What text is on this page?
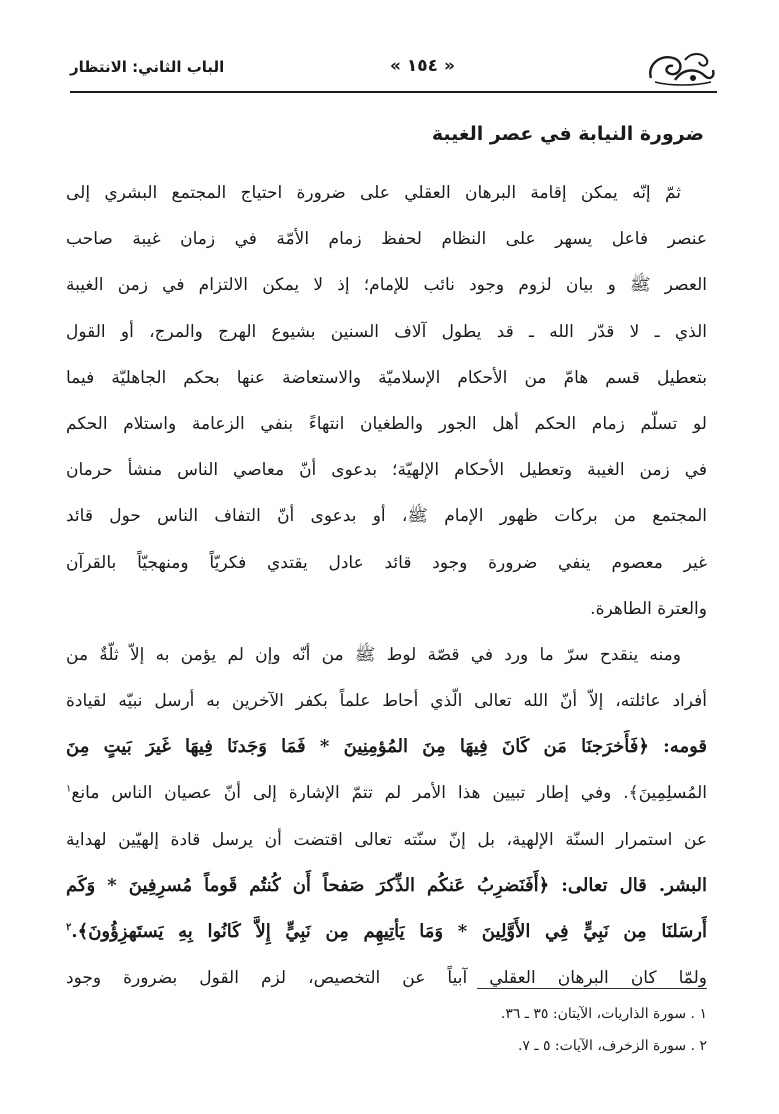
الباب الثاني: الانتظار	« ١٥٤ »
ضرورة النيابة في عصر الغيبة
ثمّ إنّه يمكن إقامة البرهان العقلي على ضرورة احتياج المجتمع البشري إلى
عنصر فاعل يسهر على النظام لحفظ زمام الأمّة في زمان غيبة صاحب
العصر ﷺ و بيان لزوم وجود نائب للإمام؛ إذ لا يمكن الالتزام في زمن الغيبة
الذي ـ لا قدّر الله ـ قد يطول آلاف السنين بشيوع الهرج والمرج، أو القول
بتعطيل قسم هامّ من الأحكام الإسلاميّة والاستعاضة عنها بحكم الجاهليّة فيما
لو تسلّم زمام الحكم أهل الجور والطغيان انتهاءً بنفي الزعامة واستلام الحكم
في زمن الغيبة وتعطيل الأحكام الإلهيّة؛ بدعوى أنّ معاصي الناس منشأ حرمان
المجتمع من بركات ظهور الإمام ﷺ، أو بدعوى أنّ التفاف الناس حول قائد
غير معصوم ينفي ضرورة وجود قائد عادل يقتدي فكريّاً ومنهجيّاً بالقرآن
والعترة الطاهرة.
ومنه ينقدح سرّ ما ورد في قصّة لوط ﷺ من أنّه وإن لم يؤمن به إلاّ ثلّةٌ من
أفراد عائلته، إلاّ أنّ الله تعالى الّذي أحاط علماً بكفر الآخرين به أرسل نبيّه لقيادة
قومه: ﴿فَأَخرَجنَا مَن كَانَ فِيهَا مِنَ المُؤمِنِينَ * فَمَا وَجَدنَا فِيهَا غَيرَ بَيتٍ مِنَ
المُسلِمِينَ﴾. وفي إطار تبيين هذا الأمر لم تتمّ الإشارة إلى أنّ عصيان الناس مانع$^١$
عن استمرار السنّة الإلهية، بل إنّ سنّته تعالى اقتضت أن يرسل قادة إلهيّين لهداية
البشر. قال تعالى: ﴿أَفَنَضرِبُ عَنكُم الذِّكرَ صَفحاً أَن كُنتُم قَوماً مُسرِفِينَ * وَكَم
أَرسَلنَا مِن نَبِيٍّ فِي الأَوَّلِينَ * وَمَا يَأتِيهِم مِن نَبِيٍّ إِلاَّ كَانُوا بِهِ يَستَهزِؤُونَ﴾.$^٢$
ولمّا كان البرهان العقلي آبياً عن التخصيص، لزم القول بضرورة وجود
١ . سورة الذاريات، الآيتان: ٣٥ ـ ٣٦.
٢ . سورة الزخرف، الآيات: ٥ ـ ٧.
